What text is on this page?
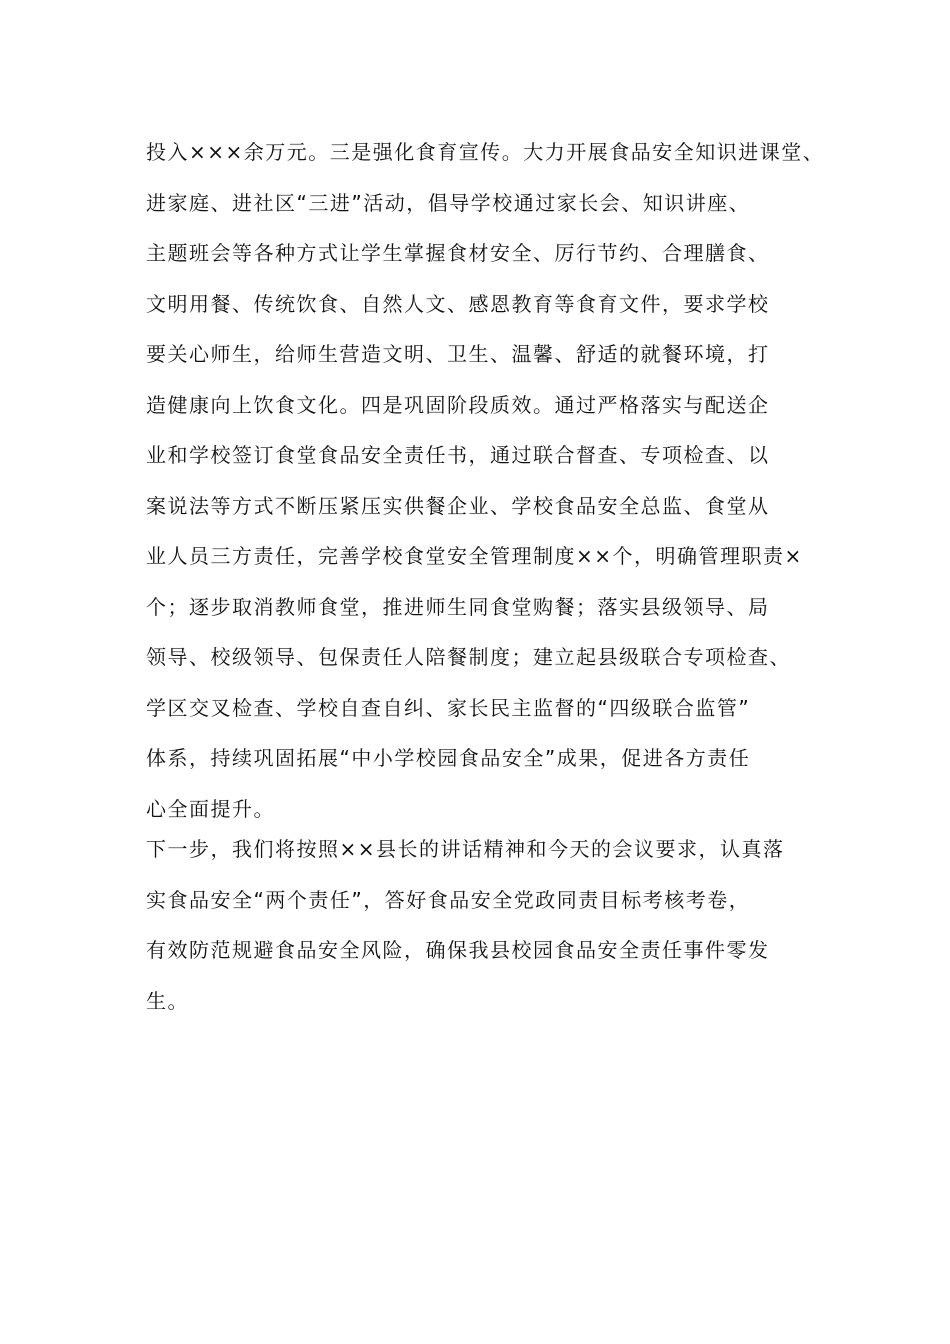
投入×××余万元。三是强化食育宣传。大力开展食品安全知识进课堂、
进家庭、进社区“三进”活动，倡导学校通过家长会、知识讲座、
主题班会等各种方式让学生掌握食材安全、厉行节约、合理膳食、
文明用餐、传统饮食、自然人文、感恩教育等食育文件，要求学校
要关心师生，给师生营造文明、卫生、温馨、舒适的就餐环境，打
造健康向上饮食文化。四是巩固阶段质效。通过严格落实与配送企
业和学校签订食堂食品安全责任书，通过联合督查、专项检查、以
案说法等方式不断压紧压实供餐企业、学校食品安全总监、食堂从
业人员三方责任，完善学校食堂安全管理制度××个，明确管理职责×
个；逐步取消教师食堂，推进师生同食堂购餐；落实县级领导、局
领导、校级领导、包保责任人陪餐制度；建立起县级联合专项检查、
学区交叉检查、学校自查自纠、家长民主监督的“四级联合监管”
体系，持续巩固拓展“中小学校园食品安全”成果，促进各方责任
心全面提升。
下一步，我们将按照××县长的讲话精神和今天的会议要求，认真落
实食品安全“两个责任”，答好食品安全党政同责目标考核考卷，
有效防范规避食品安全风险，确保我县校园食品安全责任事件零发
生。
